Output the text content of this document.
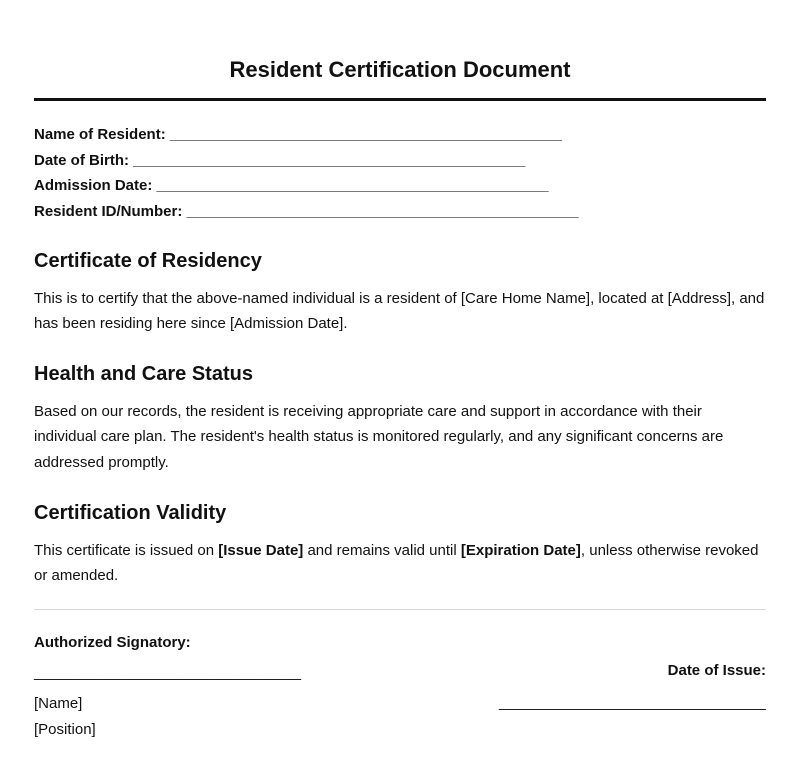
Resident Certification Document
Name of Resident: _______________________________________________
Date of Birth: _______________________________________________
Admission Date: _______________________________________________
Resident ID/Number: _______________________________________________
Certificate of Residency
This is to certify that the above-named individual is a resident of [Care Home Name], located at [Address], and has been residing here since [Admission Date].
Health and Care Status
Based on our records, the resident is receiving appropriate care and support in accordance with their individual care plan. The resident's health status is monitored regularly, and any significant concerns are addressed promptly.
Certification Validity
This certificate is issued on [Issue Date] and remains valid until [Expiration Date], unless otherwise revoked or amended.
Authorized Signatory:
________________________________
[Name]
[Position]
Date of Issue:
________________________________
